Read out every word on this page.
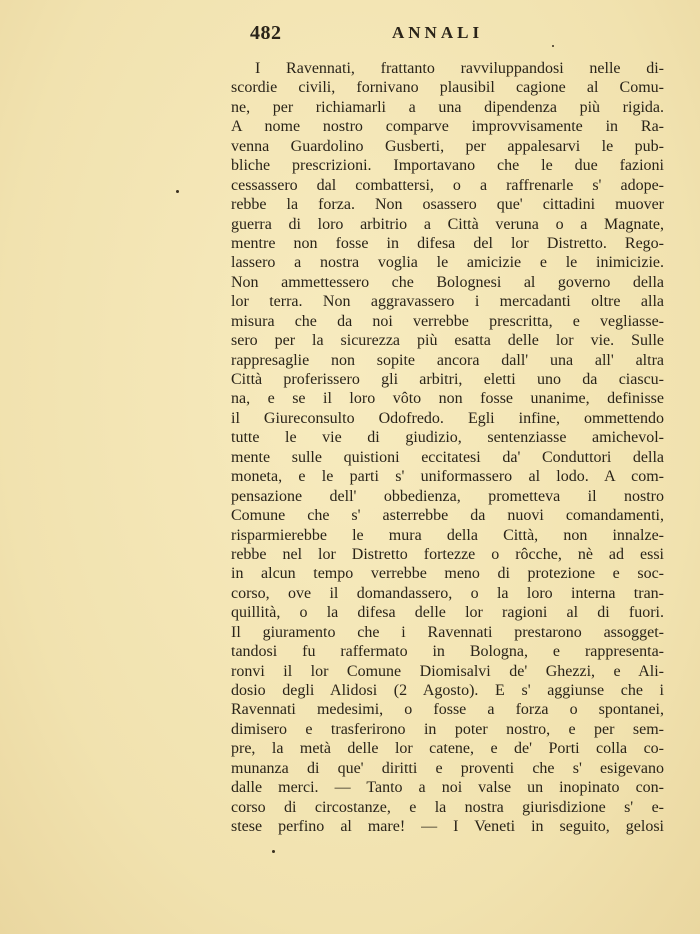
482	ANNALI
I Ravennati, frattanto ravviluppandosi nelle di-
scordie civili, fornivano plausibil cagione al Comu-
ne, per richiamarli a una dipendenza più rigida.
A nome nostro comparve improvvisamente in Ra-
venna Guardolino Gusberti, per appalesarvi le pub-
bliche prescrizioni. Importavano che le due fazioni
cessassero dal combattersi, o a raffrenarle s' adope-
rebbe la forza. Non osassero que' cittadini muover
guerra di loro arbitrio a Città veruna o a Magnate,
mentre non fosse in difesa del lor Distretto. Rego-
lassero a nostra voglia le amicizie e le inimicizie.
Non ammettessero che Bolognesi al governo della
lor terra. Non aggravassero i mercadanti oltre alla
misura che da noi verrebbe prescritta, e vegliasse-
sero per la sicurezza più esatta delle lor vie. Sulle
rappresaglie non sopite ancora dall' una all' altra
Città proferissero gli arbitri, eletti uno da ciascu-
na, e se il loro vôto non fosse unanime, definisse
il Giureconsulto Odofredo. Egli infine, ommettendo
tutte le vie di giudizio, sentenziasse amichevol-
mente sulle quistioni eccitatesi da' Conduttori della
moneta, e le parti s' uniformassero al lodo. A com-
pensazione dell' obbedienza, prometteva il nostro
Comune che s' asterrebbe da nuovi comandamenti,
risparmierebbe le mura della Città, non innalze-
rebbe nel lor Distretto fortezze o rôcche, nè ad essi
in alcun tempo verrebbe meno di protezione e soc-
corso, ove il domandassero, o la loro interna tran-
quillità, o la difesa delle lor ragioni al di fuori.
Il giuramento che i Ravennati prestarono assogget-
tandosi fu raffermato in Bologna, e rappresenta-
ronvi il lor Comune Diomisalvi de' Ghezzi, e Ali-
dosio degli Alidosi (2 Agosto). E s' aggiunse che i
Ravennati medesimi, o fosse a forza o spontanei,
dimisero e trasferirono in poter nostro, e per sem-
pre, la metà delle lor catene, e de' Porti colla co-
munanza di que' diritti e proventi che s' esigevano
dalle merci. — Tanto a noi valse un inopinato con-
corso di circostanze, e la nostra giurisdizione s' e-
stese perfino al mare! — I Veneti in seguito, gelosi
